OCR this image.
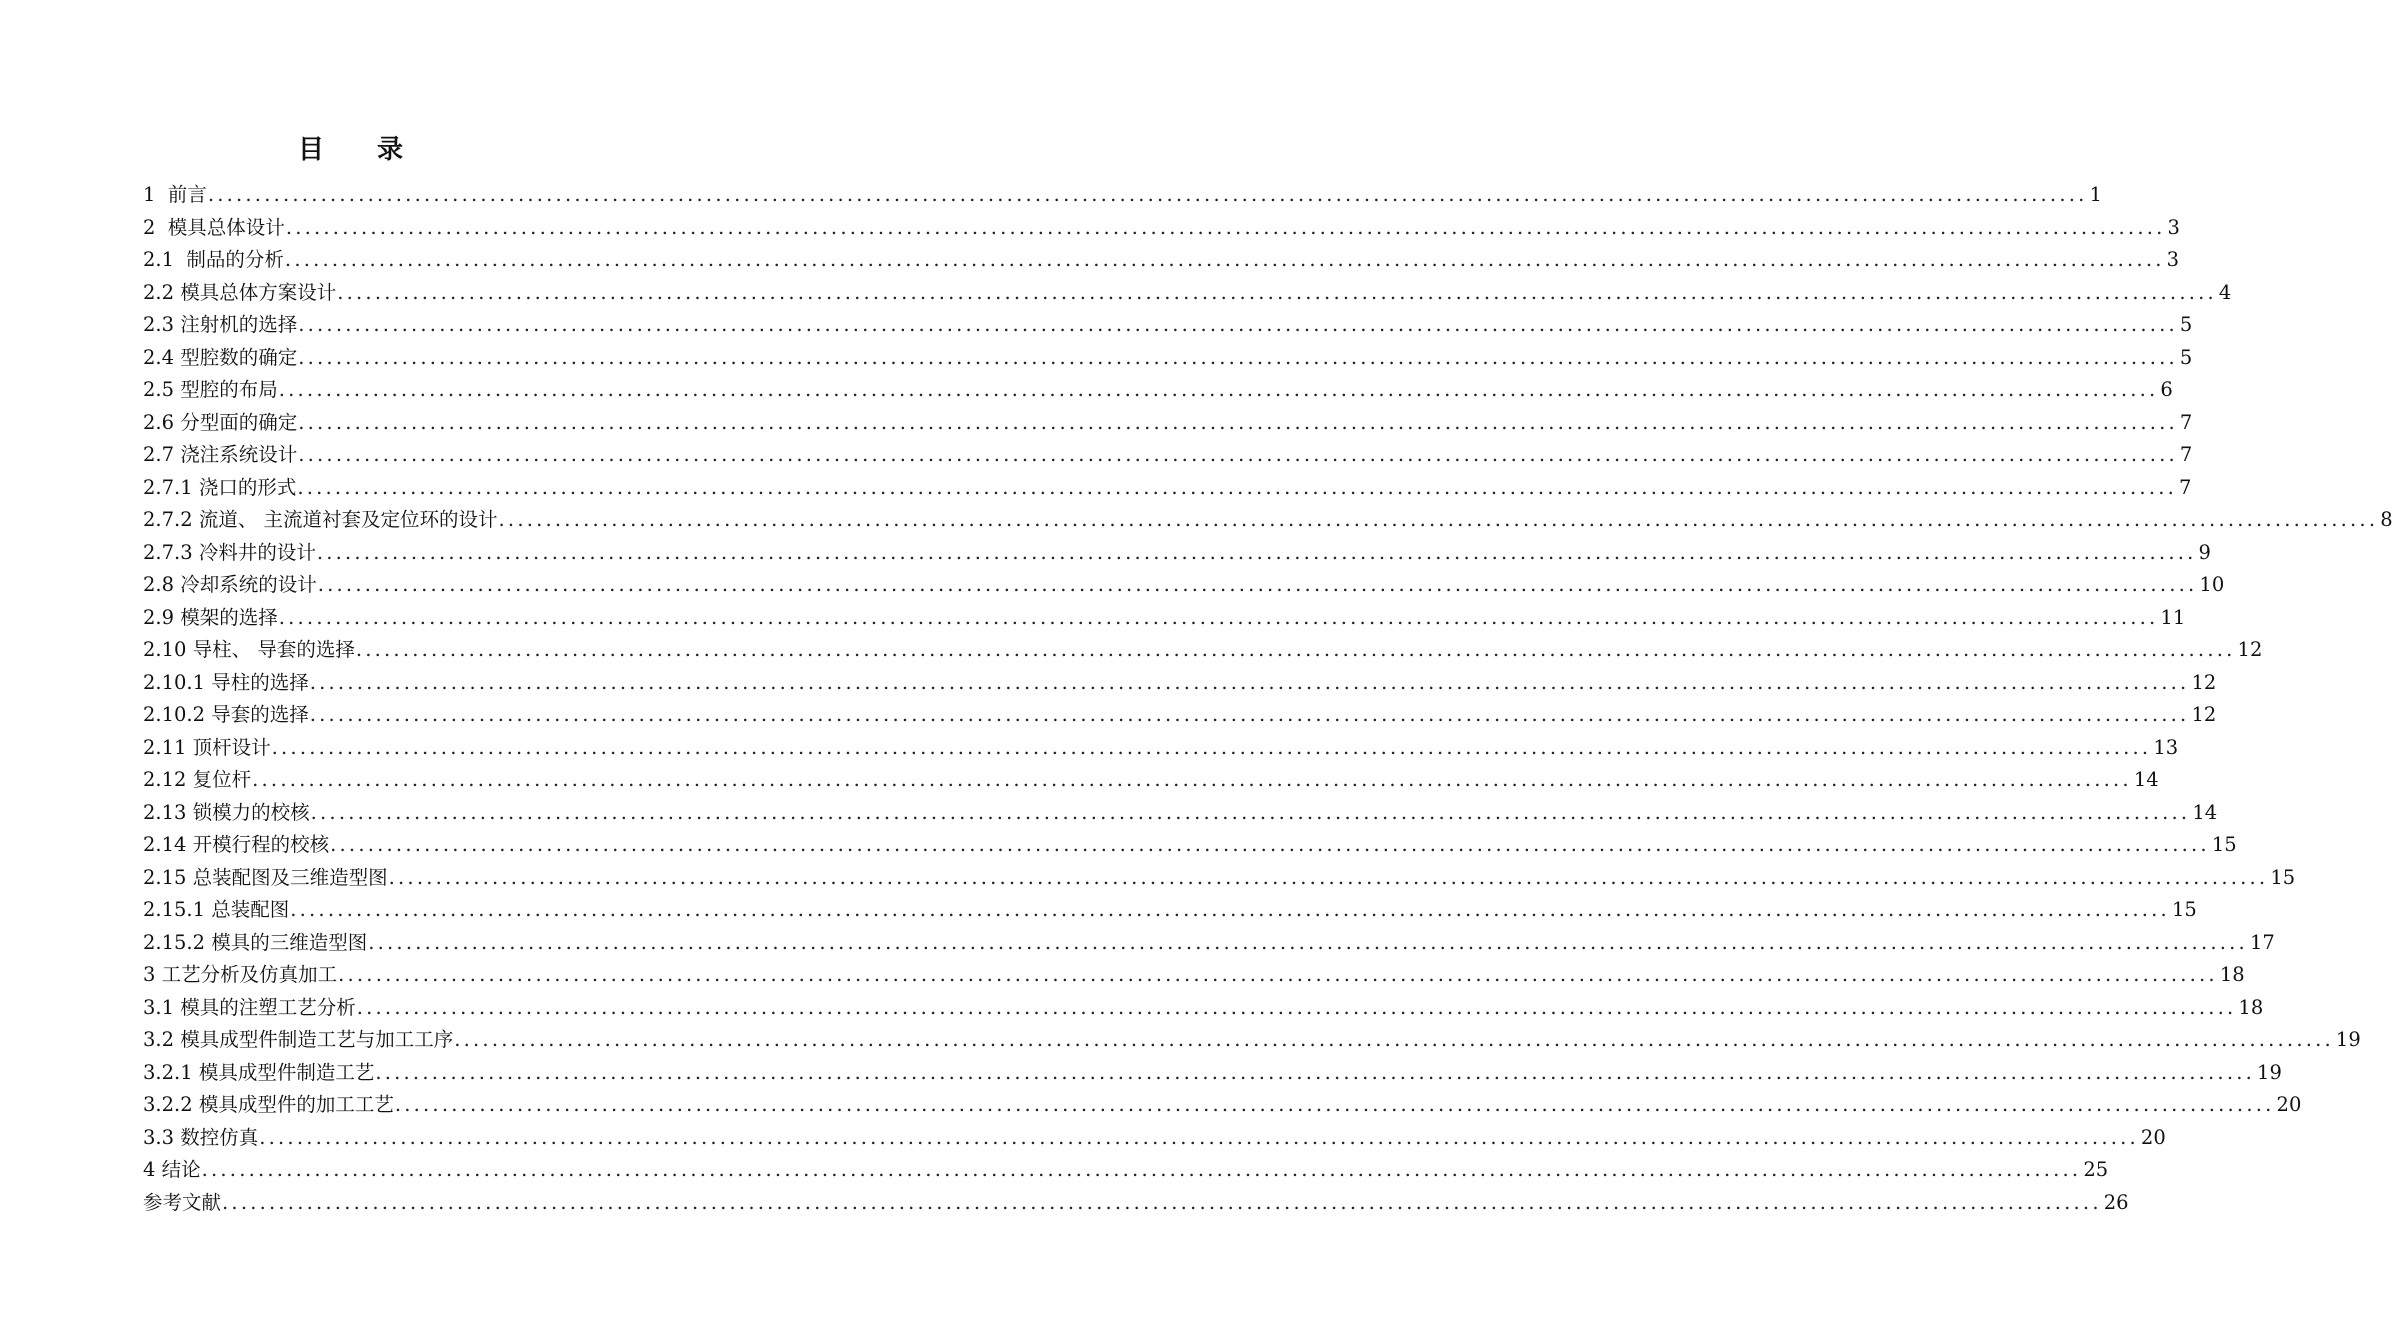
目 录
1  前言 ........................................................................................................................................................................................................ 1
2  模具总体设计 ........................................................................................................................................................................................................ 3
2.1  制品的分析 ........................................................................................................................................................................................................ 3
2.2 模具总体方案设计 ........................................................................................................................................................................................................ 4
2.3 注射机的选择 ........................................................................................................................................................................................................ 5
2.4 型腔数的确定 ........................................................................................................................................................................................................ 5
2.5 型腔的布局 ........................................................................................................................................................................................................ 6
2.6 分型面的确定 ........................................................................................................................................................................................................ 7
2.7 浇注系统设计 ........................................................................................................................................................................................................ 7
2.7.1 浇口的形式 ........................................................................................................................................................................................................ 7
2.7.2 流道、 主流道衬套及定位环的设计 ........................................................................................................................................................................................................ 8
2.7.3 冷料井的设计 ........................................................................................................................................................................................................ 9
2.8 冷却系统的设计 ........................................................................................................................................................................................................ 10
2.9 模架的选择 ........................................................................................................................................................................................................ 11
2.10 导柱、 导套的选择 ........................................................................................................................................................................................................ 12
2.10.1 导柱的选择 ........................................................................................................................................................................................................ 12
2.10.2 导套的选择 ........................................................................................................................................................................................................ 12
2.11 顶杆设计 ........................................................................................................................................................................................................ 13
2.12 复位杆 ........................................................................................................................................................................................................ 14
2.13 锁模力的校核 ........................................................................................................................................................................................................ 14
2.14 开模行程的校核 ........................................................................................................................................................................................................ 15
2.15 总装配图及三维造型图 ........................................................................................................................................................................................................ 15
2.15.1 总装配图 ........................................................................................................................................................................................................ 15
2.15.2 模具的三维造型图 ........................................................................................................................................................................................................ 17
3 工艺分析及仿真加工 ........................................................................................................................................................................................................ 18
3.1 模具的注塑工艺分析 ........................................................................................................................................................................................................ 18
3.2 模具成型件制造工艺与加工工序 ........................................................................................................................................................................................................ 19
3.2.1 模具成型件制造工艺 ........................................................................................................................................................................................................ 19
3.2.2 模具成型件的加工工艺 ........................................................................................................................................................................................................ 20
3.3 数控仿真 ........................................................................................................................................................................................................ 20
4 结论 ........................................................................................................................................................................................................ 25
参考文献 ........................................................................................................................................................................................................ 26
